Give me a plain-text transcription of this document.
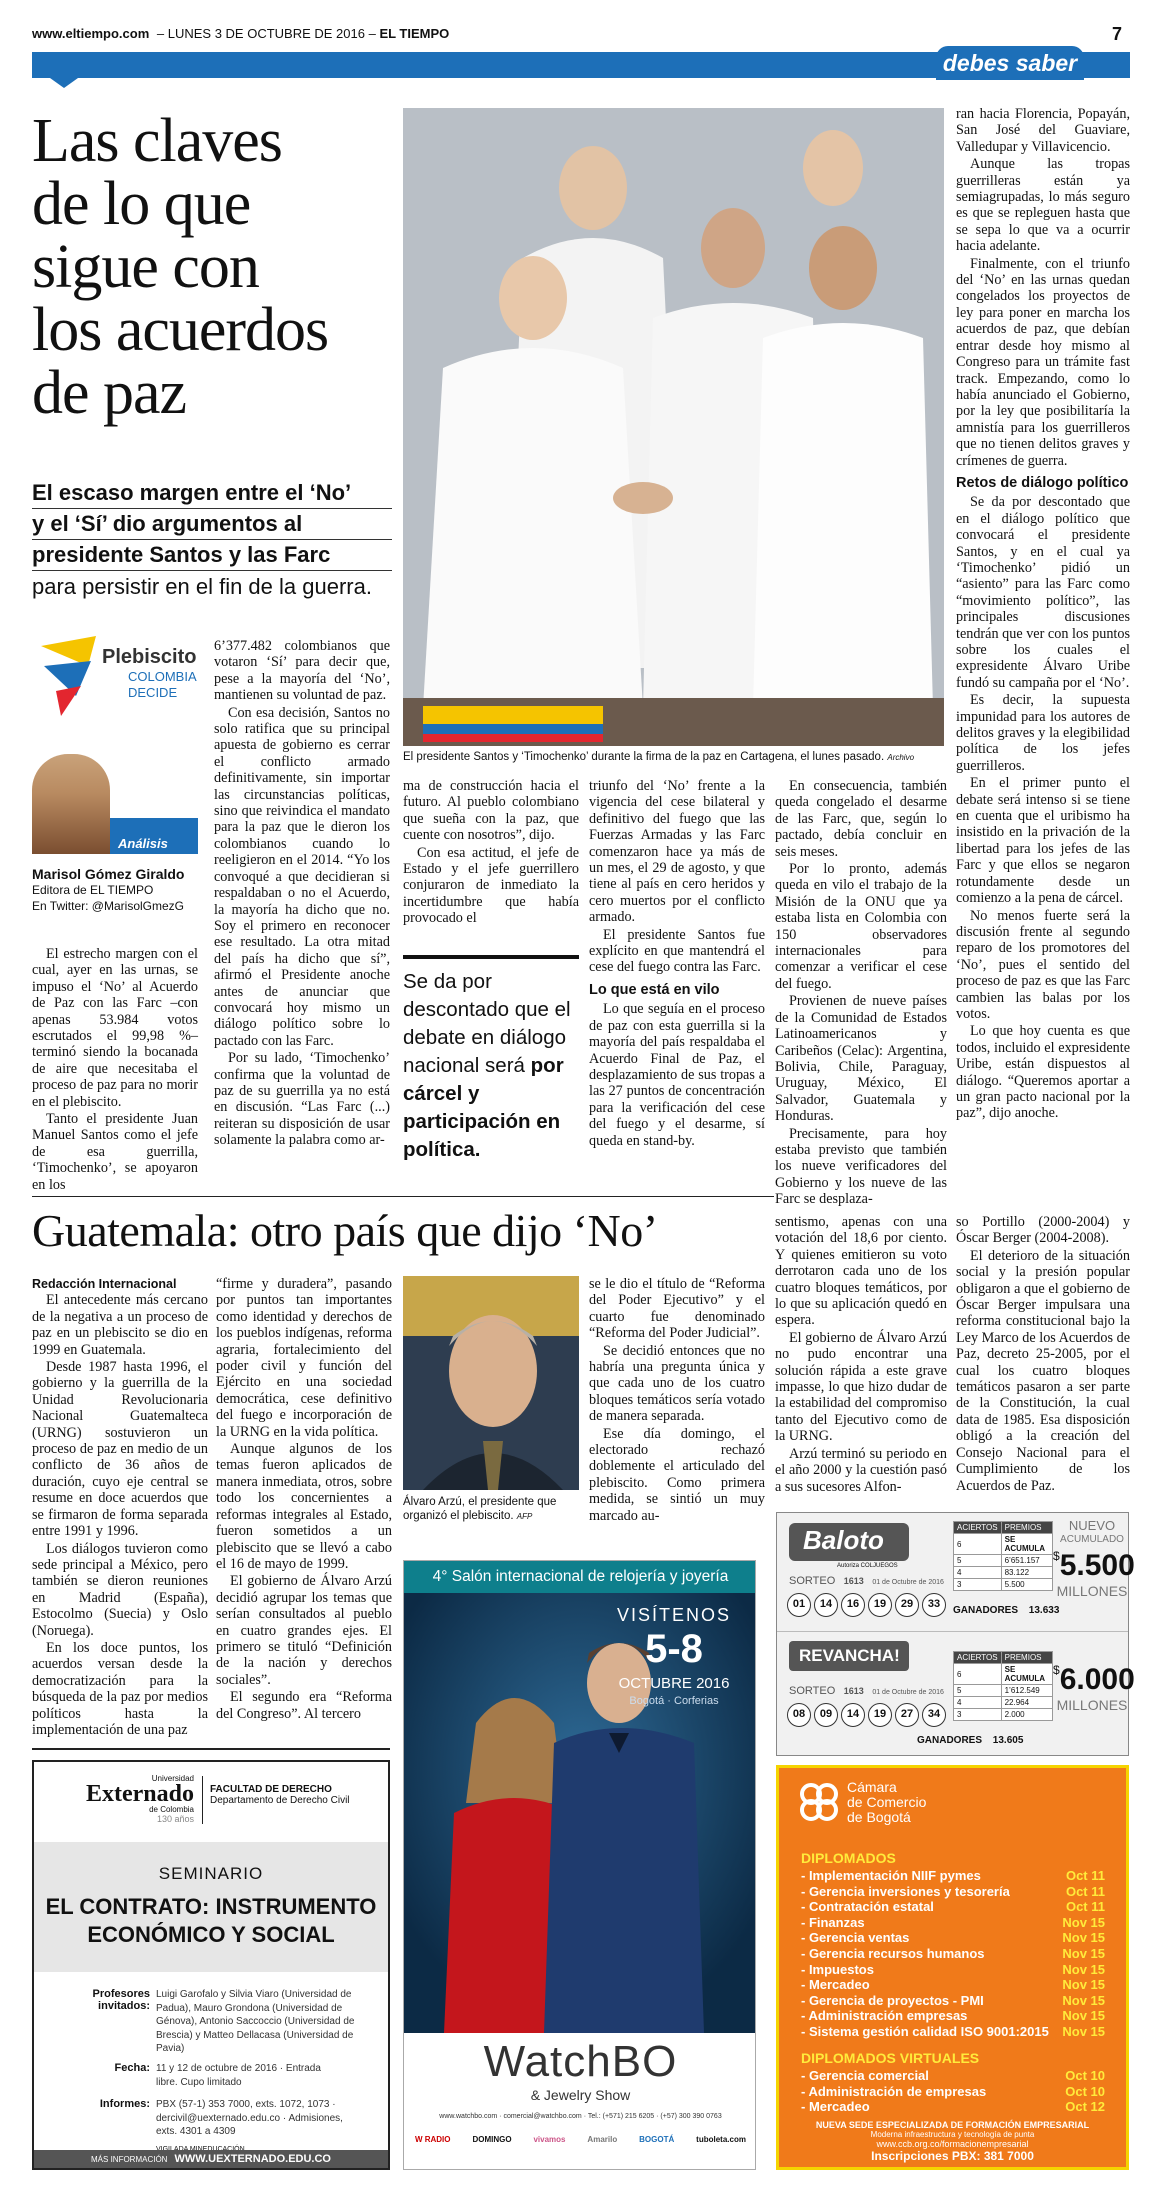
www.eltiempo.com – LUNES 3 DE OCTUBRE DE 2016 – EL TIEMPO	7
debes saber
Las claves
de lo que
sigue con
los acuerdos
de paz
El escaso margen entre el ‘No’
y el ‘Sí’ dio argumentos al
presidente Santos y las Farc
para persistir en el fin de la guerra.
Plebiscito
COLOMBIA
DECIDE
Análisis
Marisol Gómez Giraldo
Editora de EL TIEMPO
En Twitter: @MarisolGmezG

El estrecho margen con el cual, ayer en las urnas, se impuso el ‘No’ al Acuerdo de Paz con las Farc –con apenas 53.984 votos escrutados el 99,98 %– terminó siendo la bocanada de aire que necesitaba el proceso de paz para no morir en el plebiscito.

Tanto el presidente Juan Manuel Santos como el jefe de esa guerrilla, ‘Timochenko’, se apoyaron en los

El presidente Santos y ‘Timochenko’ durante la firma de la paz en Cartagena, el lunes pasado. Archivo

6’377.482 colombianos que votaron ‘Sí’ para decir que, pese a la mayoría del ‘No’, mantienen su voluntad de paz.

Con esa decisión, Santos no solo ratifica que su principal apuesta de gobierno es cerrar el conflicto armado definitivamente, sin importar las circunstancias políticas, sino que reivindica el mandato para la paz que le dieron los colombianos cuando lo reeligieron en el 2014. “Yo los convoqué a que decidieran si respaldaban o no el Acuerdo, la mayoría ha dicho que no. Soy el primero en reconocer ese resultado. La otra mitad del país ha dicho que sí”, afirmó el Presidente anoche antes de anunciar que convocará hoy mismo un diálogo político sobre lo pactado con las Farc.

Por su lado, ‘Timochenko’ confirma que la voluntad de paz de su guerrilla ya no está en discusión. “Las Farc (...) reiteran su disposición de usar solamente la palabra como ar-

ma de construcción hacia el futuro. Al pueblo colombiano que sueña con la paz, que cuente con nosotros”, dijo.

Con esa actitud, el jefe de Estado y el jefe guerrillero conjuraron de inmediato la incertidumbre que había provocado el

Se da por descontado que el debate en diálogo nacional será por cárcel y participación en política.

triunfo del ‘No’ frente a la vigencia del cese bilateral y definitivo del fuego que las Fuerzas Armadas y las Farc comenzaron hace ya más de un mes, el 29 de agosto, y que tiene al país en cero heridos y cero muertos por el conflicto armado.

El presidente Santos fue explícito en que mantendrá el cese del fuego contra las Farc.

Lo que está en vilo

Lo que seguía en el proceso de paz con esta guerrilla si la mayoría del país respaldaba el Acuerdo Final de Paz, el desplazamiento de sus tropas a las 27 puntos de concentración para la verificación del cese del fuego y el desarme, sí queda en stand-by.

En consecuencia, también queda congelado el desarme de las Farc, que, según lo pactado, debía concluir en seis meses.

Por lo pronto, además queda en vilo el trabajo de la Misión de la ONU que ya estaba lista en Colombia con 150 observadores internacionales para comenzar a verificar el cese del fuego.

Provienen de nueve países de la Comunidad de Estados Latinoamericanos y Caribeños (Celac): Argentina, Bolivia, Chile, Paraguay, Uruguay, México, El Salvador, Guatemala y Honduras.

Precisamente, para hoy estaba previsto que también los nueve verificadores del Gobierno y los nueve de las Farc se desplaza-

ran hacia Florencia, Popayán, San José del Guaviare, Valledupar y Villavicencio.

Aunque las tropas guerrilleras están ya semiagrupadas, lo más seguro es que se repleguen hasta que se sepa lo que va a ocurrir hacia adelante.

Finalmente, con el triunfo del ‘No’ en las urnas quedan congelados los proyectos de ley para poner en marcha los acuerdos de paz, que debían entrar desde hoy mismo al Congreso para un trámite fast track. Empezando, como lo había anunciado el Gobierno, por la ley que posibilitaría la amnistía para los guerrilleros que no tienen delitos graves y crímenes de guerra.

Retos de diálogo político

Se da por descontado que en el diálogo político que convocará el presidente Santos, y en el cual ya ‘Timochenko’ pidió un “asiento” para las Farc como “movimiento político”, las principales discusiones tendrán que ver con los puntos sobre los cuales el expresidente Álvaro Uribe fundó su campaña por el ‘No’.

Es decir, la supuesta impunidad para los autores de delitos graves y la elegibilidad política de los jefes guerrilleros.

En el primer punto el debate será intenso si se tiene en cuenta que el uribismo ha insistido en la privación de la libertad para los jefes de las Farc y que ellos se negaron rotundamente desde un comienzo a la pena de cárcel.

No menos fuerte será la discusión frente al segundo reparo de los promotores del ‘No’, pues el sentido del proceso de paz es que las Farc cambien las balas por los votos.

Lo que hoy cuenta es que todos, incluido el expresidente Uribe, están dispuestos al diálogo. “Queremos aportar a un gran pacto nacional por la paz”, dijo anoche.

Guatemala: otro país que dijo ‘No’
Redacción Internacional

El antecedente más cercano de la negativa a un proceso de paz en un plebiscito se dio en 1999 en Guatemala.

Desde 1987 hasta 1996, el gobierno y la guerrilla de la Unidad Revolucionaria Nacional Guatemalteca (URNG) sostuvieron un proceso de paz en medio de un conflicto de 36 años de duración, cuyo eje central se resume en doce acuerdos que se firmaron de forma separada entre 1991 y 1996.

Los diálogos tuvieron como sede principal a México, pero también se dieron reuniones en Madrid (España), Estocolmo (Suecia) y Oslo (Noruega).

En los doce puntos, los acuerdos versan desde la democratización para la búsqueda de la paz por medios políticos hasta la implementación de una paz

“firme y duradera”, pasando por puntos tan importantes como identidad y derechos de los pueblos indígenas, reforma agraria, fortalecimiento del poder civil y función del Ejército en una sociedad democrática, cese definitivo del fuego e incorporación de la URNG en la vida política.

Aunque algunos de los temas fueron aplicados de manera inmediata, otros, sobre todo los concernientes a reformas integrales al Estado, fueron sometidos a un plebiscito que se llevó a cabo el 16 de mayo de 1999.

El gobierno de Álvaro Arzú decidió agrupar los temas que serían consultados al pueblo en cuatro grandes ejes. El primero se tituló “Definición de la nación y derechos sociales”.

El segundo era “Reforma del Congreso”. Al tercero

Álvaro Arzú, el presidente que organizó el plebiscito. AFP

se le dio el título de “Reforma del Poder Ejecutivo” y el cuarto fue denominado “Reforma del Poder Judicial”.

Se decidió entonces que no habría una pregunta única y que cada uno de los cuatro bloques temáticos sería votado de manera separada.

Ese día domingo, el electorado rechazó doblemente el articulado del plebiscito. Como primera medida, se sintió un muy marcado au-

sentismo, apenas con una votación del 18,6 por ciento. Y quienes emitieron su voto derrotaron cada uno de los cuatro bloques temáticos, por lo que su aplicación quedó en espera.

El gobierno de Álvaro Arzú no pudo encontrar una solución rápida a este grave impasse, lo que hizo dudar de la estabilidad del compromiso tanto del Ejecutivo como de la URNG.

Arzú terminó su periodo en el año 2000 y la cuestión pasó a sus sucesores Alfon-

so Portillo (2000-2004) y Óscar Berger (2004-2008).

El deterioro de la situación social y la presión popular obligaron a que el gobierno de Óscar Berger impulsara una reforma constitucional bajo la Ley Marco de los Acuerdos de Paz, decreto 25-2005, por el cual los cuatro bloques temáticos pasaron a ser parte de la Constitución, la cual data de 1985. Esa disposición obligó a la creación del Consejo Nacional para el Cumplimiento de los Acuerdos de Paz.

Universidad
Externado
de Colombia
130 años
FACULTAD DE DERECHO
Departamento de Derecho Civil
SEMINARIO
EL CONTRATO: INSTRUMENTO
ECONÓMICO Y SOCIAL
Profesores invitados:
Luigi Garofalo y Silvia Viaro (Universidad de Padua), Mauro Grondona (Universidad de Génova), Antonio Saccoccio (Universidad de Brescia) y Matteo Dellacasa (Universidad de Pavia)
Fecha: 11 y 12 de octubre de 2016 · Entrada libre. Cupo limitado
Informes: PBX (57-1) 353 7000, exts. 1072, 1073 · dercivil@uexternado.edu.co · Admisiones, exts. 4301 a 4309
MÁS INFORMACIÓN WWW.UEXTERNADO.EDU.CO
4° Salón internacional de relojería y joyería
VISÍTENOS
5-8
OCTUBRE 2016
Bogotá · Corferias
WatchBO
& Jewelry Show
www.watchbo.com · comercial@watchbo.com · Tel.: (+571) 215 6205 · (+57) 300 390 0763
W RADIO	DOMINGO	vivamos	Amarilo	BOGOTÁ	tuboleta.com
Baloto
Autoriza COLJUEGOS
SORTEO 1613 01 de Octubre de 2016
01 14 16 19 29 33
ACIERTOS	PREMIOS
6	SE ACUMULA
5	6’651.157
4	83.122
3	5.500
GANADORES 13.633
NUEVO
ACUMULADO
$5.500
MILLONES
REVANCHA!
SORTEO 1613 01 de Octubre de 2016
08 09 14 19 27 34
ACIERTOS	PREMIOS
6	SE ACUMULA
5	1’612.549
4	22.964
3	2.000
GANADORES 13.605
$6.000
MILLONES
Cámara
de Comercio
de Bogotá
DIPLOMADOS
- Implementación NIIF pymes	Oct 11
- Gerencia inversiones y tesorería	Oct 11
- Contratación estatal	Oct 11
- Finanzas	Nov 15
- Gerencia ventas	Nov 15
- Gerencia recursos humanos	Nov 15
- Impuestos	Nov 15
- Mercadeo	Nov 15
- Gerencia de proyectos - PMI	Nov 15
- Administración empresas	Nov 15
- Sistema gestión calidad ISO 9001:2015 Nov 15
DIPLOMADOS VIRTUALES
- Gerencia comercial	Oct 10
- Administración de empresas	Oct 10
- Mercadeo	Oct 12
NUEVA SEDE ESPECIALIZADA DE FORMACIÓN EMPRESARIAL
Moderna infraestructura y tecnología de punta
www.ccb.org.co/formacionempresarial
Inscripciones PBX: 381 7000
